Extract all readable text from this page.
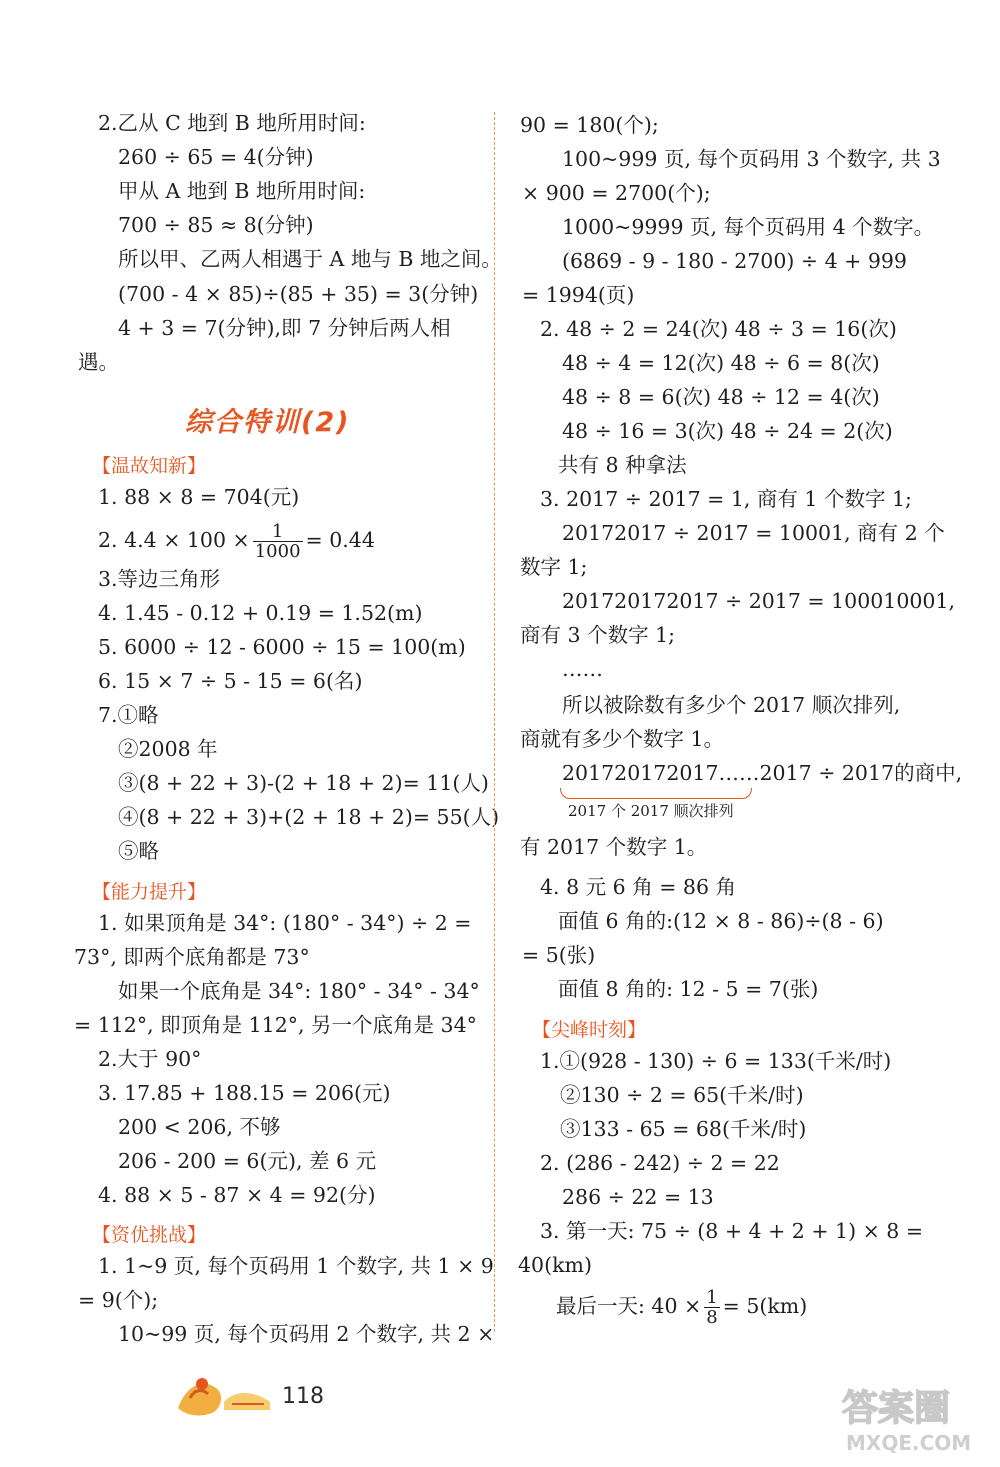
2.乙从 C 地到 B 地所用时间:
260 ÷ 65 = 4(分钟)
甲从 A 地到 B 地所用时间:
700 ÷ 85 ≈ 8(分钟)
所以甲、乙两人相遇于 A 地与 B 地之间。
(700 - 4 × 85)÷(85 + 35) = 3(分钟)
4 + 3 = 7(分钟),即 7 分钟后两人相
遇。
综合特训(2)
【温故知新】
1. 88 × 8 = 704(元)
2. $4.4 \times 100 \times \frac{1}{1000} = 0.44$
3.等边三角形
4. 1.45 - 0.12 + 0.19 = 1.52(m)
5. 6000 ÷ 12 - 6000 ÷ 15 = 100(m)
6. 15 × 7 ÷ 5 - 15 = 6(名)
7.①略
②2008 年
③(8 + 22 + 3)-(2 + 18 + 2)= 11(人)
④(8 + 22 + 3)+(2 + 18 + 2)= 55(人)
⑤略
【能力提升】
1. 如果顶角是 34°: (180° - 34°) ÷ 2 =
73°, 即两个底角都是 73°
如果一个底角是 34°: 180° - 34° - 34°
= 112°, 即顶角是 112°, 另一个底角是 34°
2.大于 90°
3. 17.85 + 188.15 = 206(元)
200 < 206, 不够
206 - 200 = 6(元), 差 6 元
4. 88 × 5 - 87 × 4 = 92(分)
【资优挑战】
1. 1~9 页, 每个页码用 1 个数字, 共 1 × 9
= 9(个);
10~99 页, 每个页码用 2 个数字, 共 2 ×
90 = 180(个);
100~999 页, 每个页码用 3 个数字, 共 3
× 900 = 2700(个);
1000~9999 页, 每个页码用 4 个数字。
(6869 - 9 - 180 - 2700) ÷ 4 + 999
= 1994(页)
2. 48 ÷ 2 = 24(次) 48 ÷ 3 = 16(次)
48 ÷ 4 = 12(次) 48 ÷ 6 = 8(次)
48 ÷ 8 = 6(次) 48 ÷ 12 = 4(次)
48 ÷ 16 = 3(次) 48 ÷ 24 = 2(次)
共有 8 种拿法
3. 2017 ÷ 2017 = 1, 商有 1 个数字 1;
20172017 ÷ 2017 = 10001, 商有 2 个
数字 1;
201720172017 ÷ 2017 = 100010001,
商有 3 个数字 1;
……
所以被除数有多少个 2017 顺次排列,
商就有多少个数字 1。
201720172017……2017 ÷ 2017的商中,
2017 个 2017 顺次排列
有 2017 个数字 1。
4. 8 元 6 角 = 86 角
面值 6 角的:(12 × 8 - 86)÷(8 - 6)
= 5(张)
面值 8 角的: 12 - 5 = 7(张)
【尖峰时刻】
1.①(928 - 130) ÷ 6 = 133(千米/时)
②130 ÷ 2 = 65(千米/时)
③133 - 65 = 68(千米/时)
2. (286 - 242) ÷ 2 = 22
286 ÷ 22 = 13
3. 第一天: 75 ÷ (8 + 4 + 2 + 1) × 8 =
40(km)
最后一天: $40 \times \frac{1}{8} = 5(km)$
118	答案圈
MXQE.COM
